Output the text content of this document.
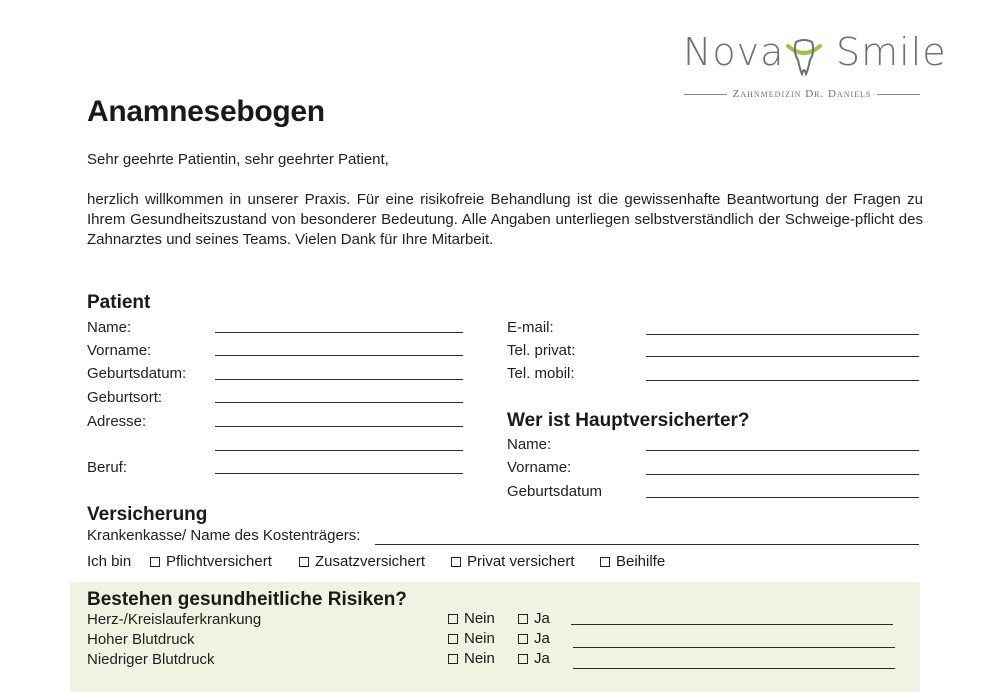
Nova Smile
Zahnmedizin Dr. Daniels
Anamnesebogen
Sehr geehrte Patientin, sehr geehrter Patient,
herzlich willkommen in unserer Praxis. Für eine risikofreie Behandlung ist die gewissenhafte Beantwortung der Fragen zu Ihrem Gesundheitszustand von besonderer Bedeutung. Alle Angaben unterliegen selbstverständlich der Schweige-pflicht des Zahnarztes und seines Teams. Vielen Dank für Ihre Mitarbeit.
Patient
Name:
Vorname:
Geburtsdatum:
Geburtsort:
Adresse:
Beruf:
E-mail:
Tel. privat:
Tel. mobil:
Wer ist Hauptversicherter?
Name:
Vorname:
Geburtsdatum
Versicherung
Krankenkasse/ Name des Kostenträgers:
Ich bin	Pflichtversichert	Zusatzversichert	Privat versichert	Beihilfe
Bestehen gesundheitliche Risiken?
Herz-/Kreislauferkrankung	Nein	Ja
Hoher Blutdruck	Nein	Ja
Niedriger Blutdruck	Nein	Ja
